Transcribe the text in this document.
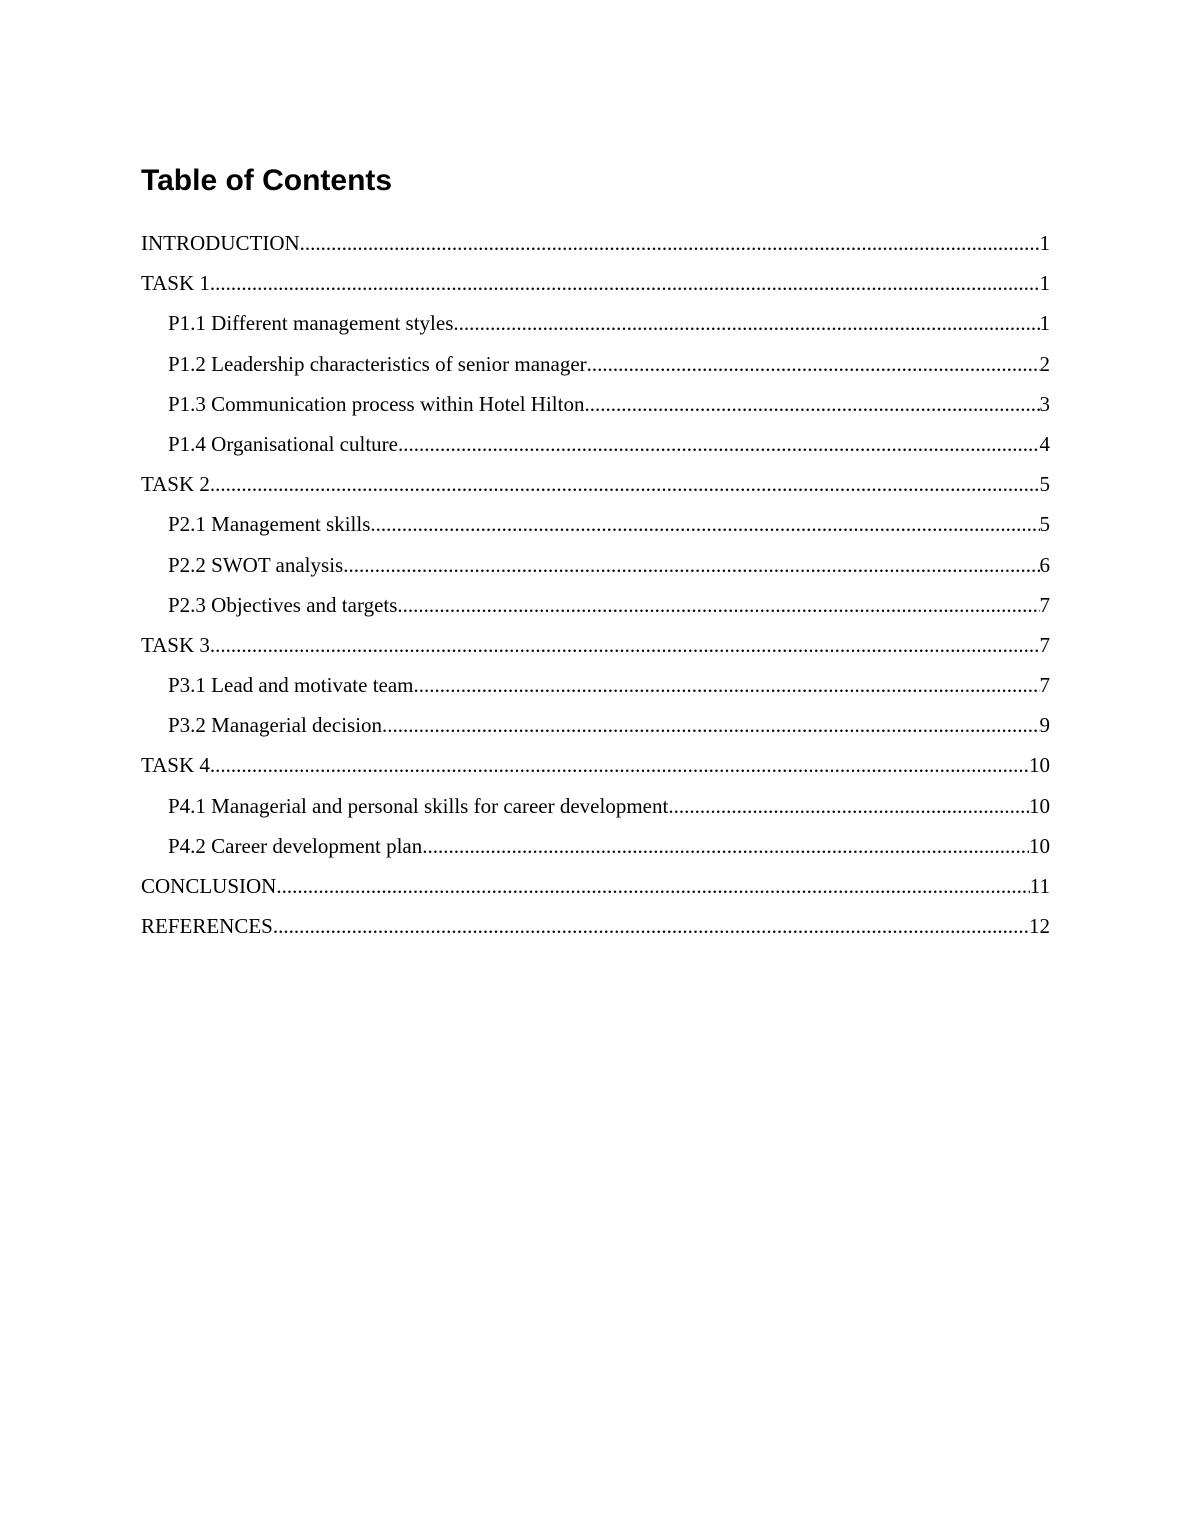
Table of Contents
INTRODUCTION .....	1
TASK 1 .....	1
P1.1 Different management styles .....	1
P1.2 Leadership characteristics of senior manager .....	2
P1.3 Communication process within Hotel Hilton .....	3
P1.4 Organisational culture .....	4
TASK 2 .....	5
P2.1 Management skills .....	5
P2.2 SWOT analysis .....	6
P2.3 Objectives and targets .....	7
TASK 3 .....	7
P3.1 Lead and motivate team .....	7
P3.2 Managerial decision .....	9
TASK 4 .....	10
P4.1 Managerial and personal skills for career development .....	10
P4.2 Career development plan .....	10
CONCLUSION .....	11
REFERENCES .....	12
